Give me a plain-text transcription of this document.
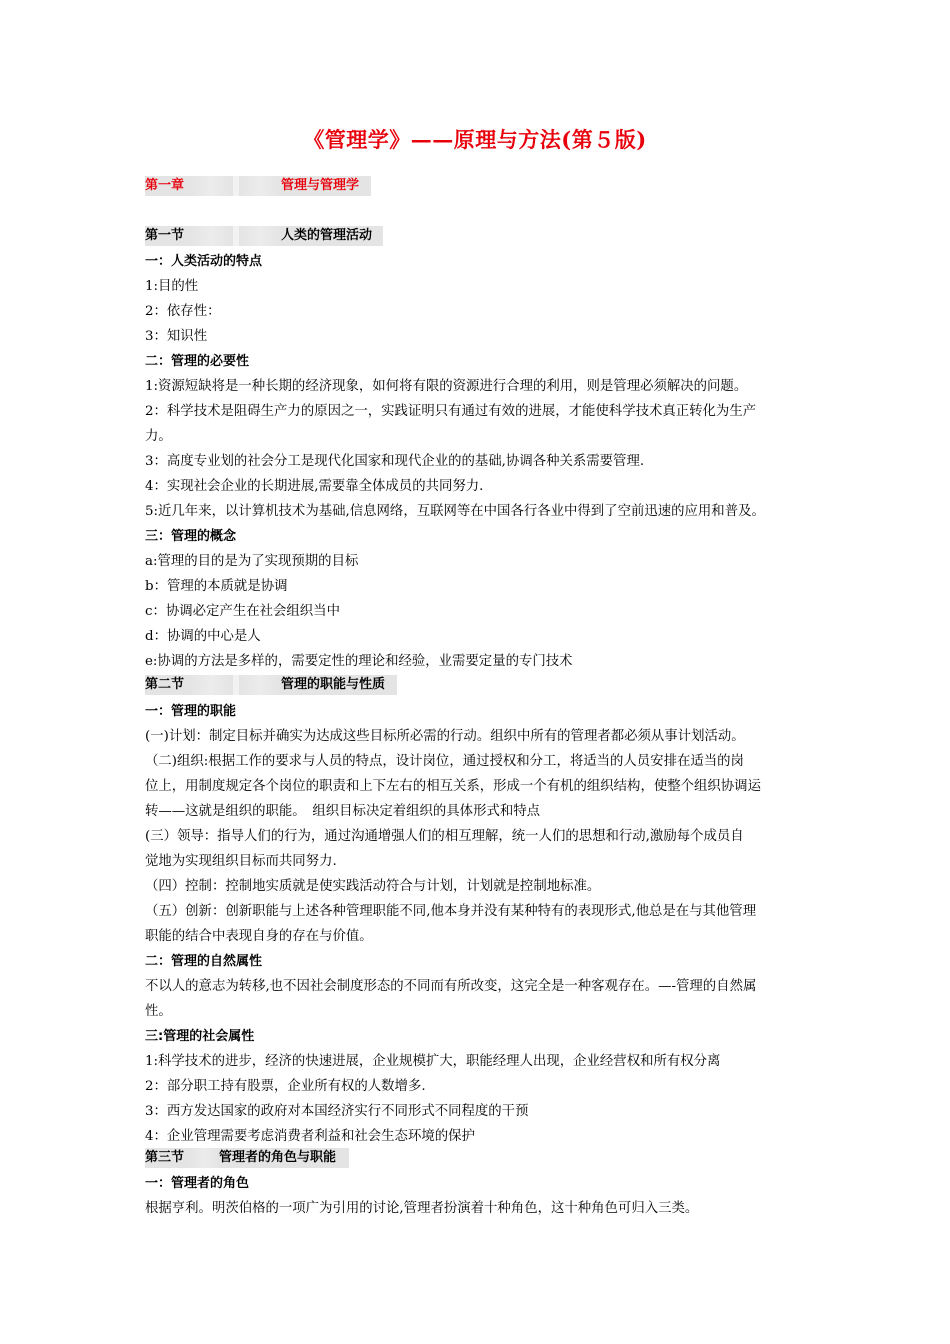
《管理学》——原理与方法(第５版)
第一章	管理与管理学
第一节	人类的管理活动
一：人类活动的特点
1:目的性
2：依存性：
3：知识性
二：管理的必要性
1:资源短缺将是一种长期的经济现象，如何将有限的资源进行合理的利用，则是管理必须解决的问题。
2：科学技术是阻碍生产力的原因之一，实践证明只有通过有效的进展，才能使科学技术真正转化为生产
力。
3：高度专业划的社会分工是现代化国家和现代企业的的基础,协调各种关系需要管理.
4：实现社会企业的长期进展,需要靠全体成员的共同努力.
5:近几年来，以计算机技术为基础,信息网络，互联网等在中国各行各业中得到了空前迅速的应用和普及。
三：管理的概念
a:管理的目的是为了实现预期的目标
b：管理的本质就是协调
c：协调必定产生在社会组织当中
d：协调的中心是人
e:协调的方法是多样的，需要定性的理论和经验，业需要定量的专门技术
第二节	管理的职能与性质
一：管理的职能
(一)计划：制定目标并确实为达成这些目标所必需的行动。组织中所有的管理者都必须从事计划活动。
（二)组织:根据工作的要求与人员的特点，设计岗位，通过授权和分工，将适当的人员安排在适当的岗
位上，用制度规定各个岗位的职责和上下左右的相互关系，形成一个有机的组织结构，使整个组织协调运
转——这就是组织的职能。　组织目标决定着组织的具体形式和特点
(三）领导：指导人们的行为，通过沟通增强人们的相互理解，统一人们的思想和行动,激励每个成员自
觉地为实现组织目标而共同努力.
（四）控制：控制地实质就是使实践活动符合与计划，计划就是控制地标准。
（五）创新：创新职能与上述各种管理职能不同,他本身并没有某种特有的表现形式,他总是在与其他管理
职能的结合中表现自身的存在与价值。
二：管理的自然属性
不以人的意志为转移,也不因社会制度形态的不同而有所改变，这完全是一种客观存在。—-管理的自然属
性。
三:管理的社会属性
1:科学技术的进步，经济的快速进展，企业规模扩大，职能经理人出现，企业经营权和所有权分离
2：部分职工持有股票，企业所有权的人数增多.
3：西方发达国家的政府对本国经济实行不同形式不同程度的干预
4：企业管理需要考虑消费者利益和社会生态环境的保护
第三节	管理者的角色与职能
一：管理者的角色
根据亨利。明茨伯格的一项广为引用的讨论,管理者扮演着十种角色，这十种角色可归入三类。
